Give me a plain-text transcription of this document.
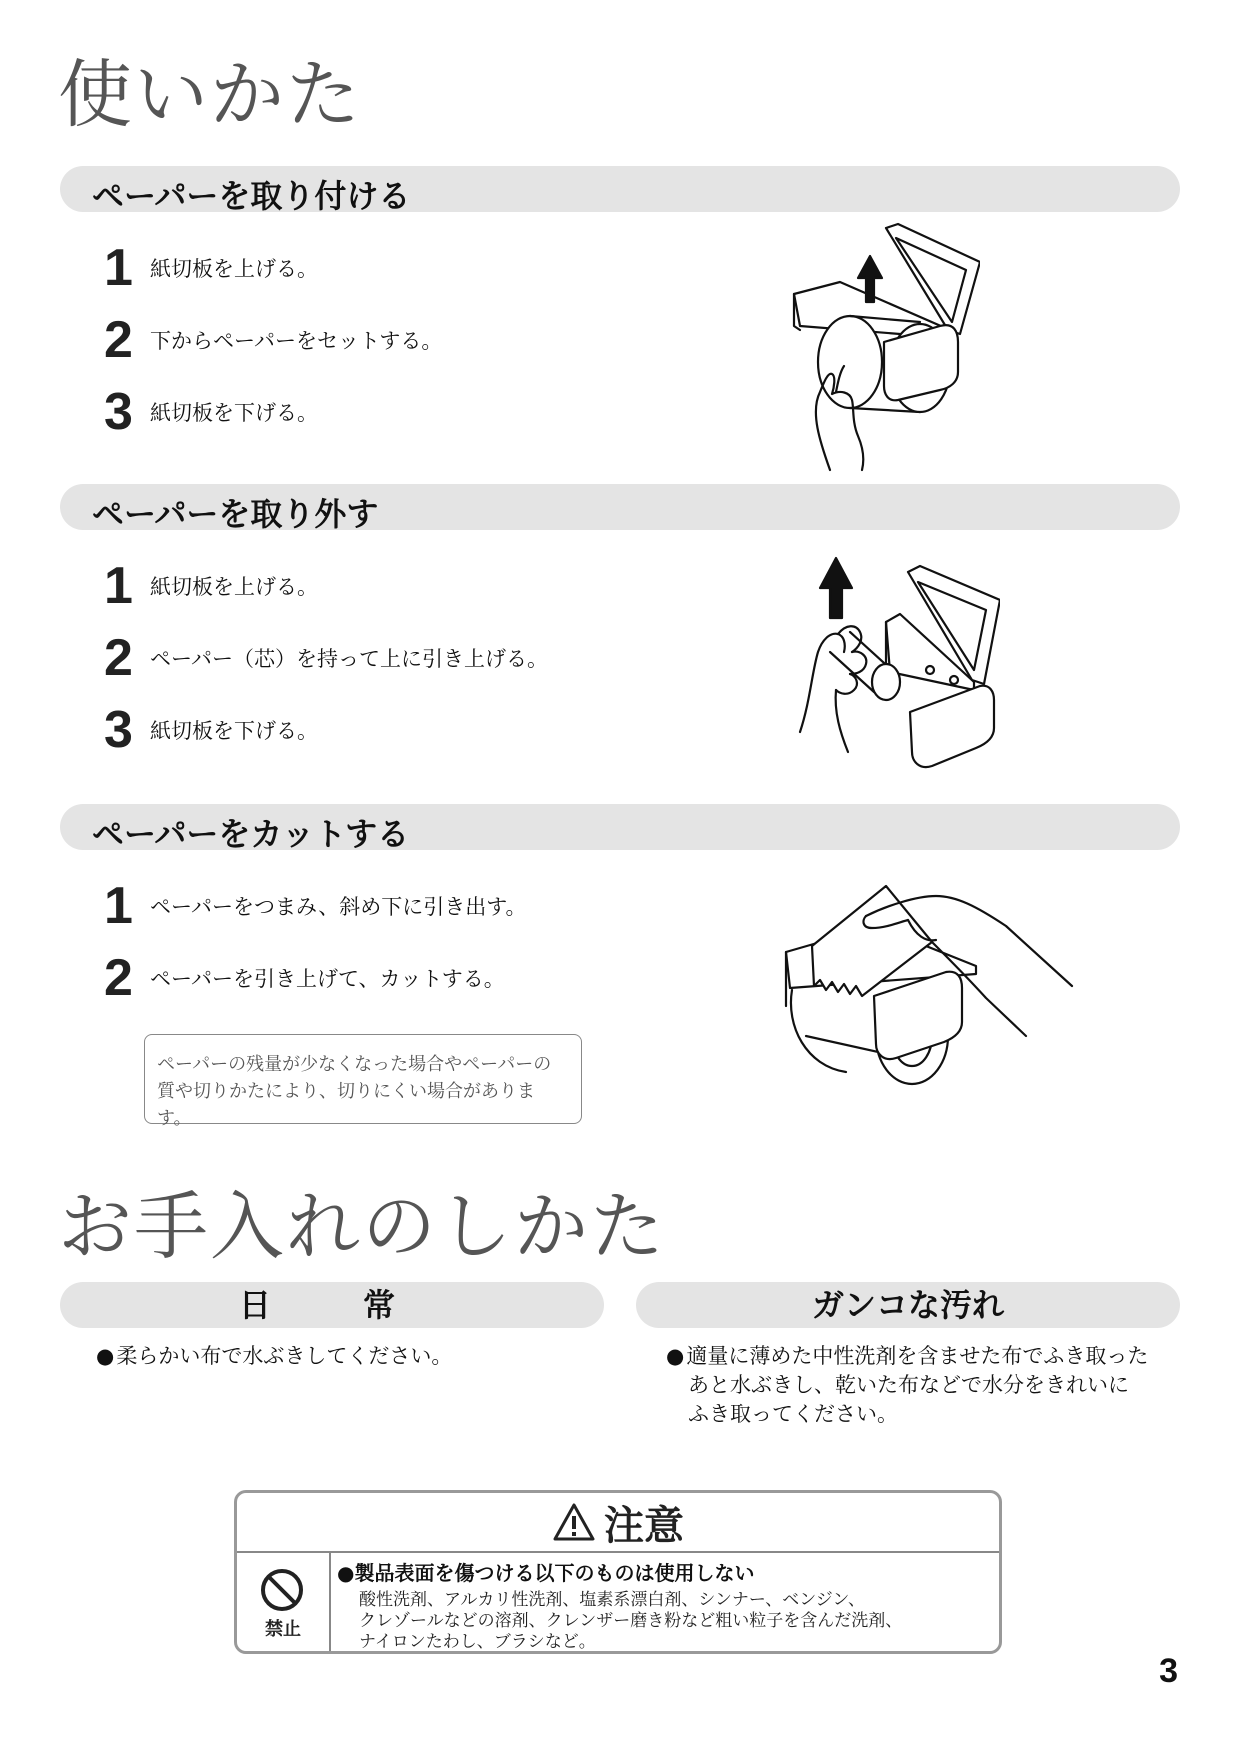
使いかた
ペーパーを取り付ける
1 紙切板を上げる。
2 下からペーパーをセットする。
3 紙切板を下げる。
ペーパーを取り外す
1 紙切板を上げる。
2 ペーパー（芯）を持って上に引き上げる。
3 紙切板を下げる。
ペーパーをカットする
1 ペーパーをつまみ、斜め下に引き出す。
2 ペーパーを引き上げて、カットする。
ペーパーの残量が少なくなった場合やペーパーの
質や切りかたにより、切りにくい場合があります。
お手入れのしかた
日　常	ガンコな汚れ
●柔らかい布で水ぶきしてください。	●適量に薄めた中性洗剤を含ませた布でふき取った
あと水ぶきし、乾いた布などで水分をきれいに
ふき取ってください。
注意
禁止
●製品表面を傷つける以下のものは使用しない
酸性洗剤、アルカリ性洗剤、塩素系漂白剤、シンナー、ベンジン、
クレゾールなどの溶剤、クレンザー磨き粉など粗い粒子を含んだ洗剤、
ナイロンたわし、ブラシなど。
3
